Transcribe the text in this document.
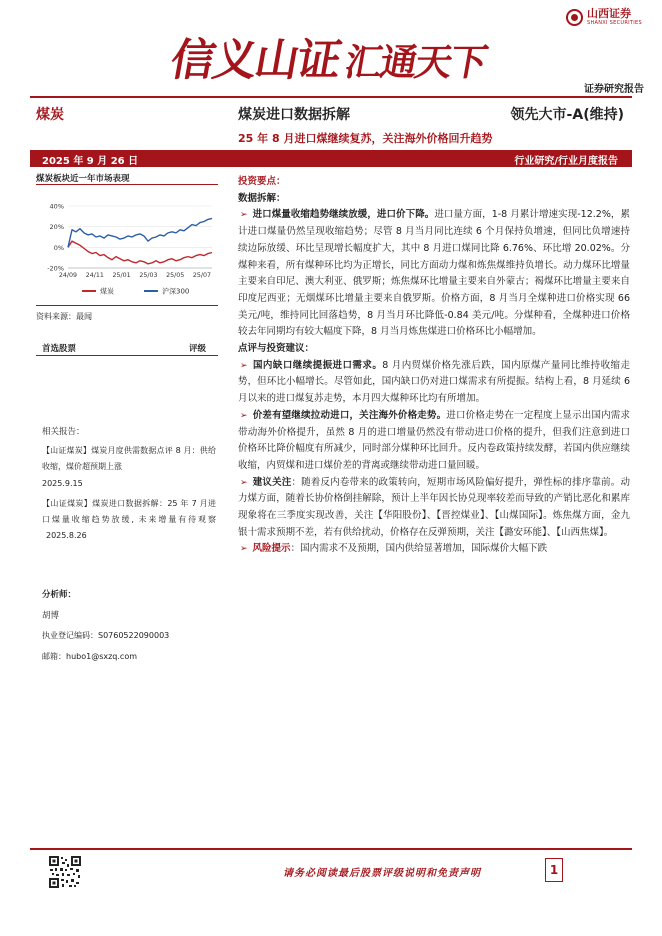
山西证券
SHANXI SECURITIES
信义山证汇通天下
证券研究报告
煤炭	煤炭进口数据拆解	领先大市-A(维持)
25 年 8 月进口煤继续复苏，关注海外价格回升趋势
2025 年 9 月 26 日	行业研究/行业月度报告
煤炭板块近一年市场表现
40%
20%
0%
-20%
24/09 24/11 25/01 25/03 25/05 25/07
煤炭	沪深300
资料来源：最闻
首选股票	评级
相关报告：
【山证煤炭】煤炭月度供需数据点评 8 月：供给收缩，煤价超预期上涨
2025.9.15
【山证煤炭】煤炭进口数据拆解：25 年 7 月进口煤量收缩趋势放缓, 未来增量有待观察 2025.8.26
分析师：
胡博
执业登记编码：S0760522090003
邮箱：hubo1@sxzq.com
投资要点：
数据拆解：
➢ 进口煤量收缩趋势继续放缓，进口价下降。进口量方面，1-8 月累计增速实现-12.2%，累计进口煤量仍然呈现收缩趋势；尽管 8 月当月同比连续 6 个月保持负增速，但同比负增速持续边际放缓、环比呈现增长幅度扩大，其中 8 月进口煤同比降 6.76%、环比增 20.02%。分煤种来看，所有煤种环比均为正增长，同比方面动力煤和炼焦煤维持负增长。动力煤环比增量主要来自印尼、澳大利亚、俄罗斯；炼焦煤环比增量主要来自外蒙古；褐煤环比增量主要来自印度尼西亚；无烟煤环比增量主要来自俄罗斯。价格方面，8 月当月全煤种进口价格实现 66 美元/吨，维持同比回落趋势，8 月当月环比降低-0.84 美元/吨。分煤种看，全煤种进口价格较去年同期均有较大幅度下降，8 月当月炼焦煤进口价格环比小幅增加。
点评与投资建议：
➢ 国内缺口继续提振进口需求。8 月内贸煤价格先涨后跌，国内原煤产量同比维持收缩走势，但环比小幅增长。尽管如此，国内缺口仍对进口煤需求有所提振。结构上看，8 月延续 6 月以来的进口煤复苏走势，本月四大煤种环比均有所增加。
➢ 价差有望继续拉动进口，关注海外价格走势。进口价格走势在一定程度上显示出国内需求带动海外价格提升，虽然 8 月的进口增量仍然没有带动进口价格的提升，但我们注意到进口价格环比降价幅度有所减少，同时部分煤种环比回升。反内卷政策持续发酵，若国内供应继续收缩，内贸煤和进口煤价差的背离或继续带动进口量回暖。
➢ 建议关注：随着反内卷带来的政策转向，短期市场风险偏好提升，弹性标的排序靠前。动力煤方面，随着长协价格倒挂解除，预计上半年因长协兑现率较差而导致的产销比恶化和累库现象将在三季度实现改善，关注【华阳股份】、【晋控煤业】、【山煤国际】。炼焦煤方面，金九银十需求预期不差，若有供给扰动，价格存在反弹预期，关注【潞安环能】、【山西焦煤】。
➢ 风险提示：国内需求不及预期，国内供给显著增加，国际煤价大幅下跌
请务必阅读最后股票评级说明和免责声明	1
